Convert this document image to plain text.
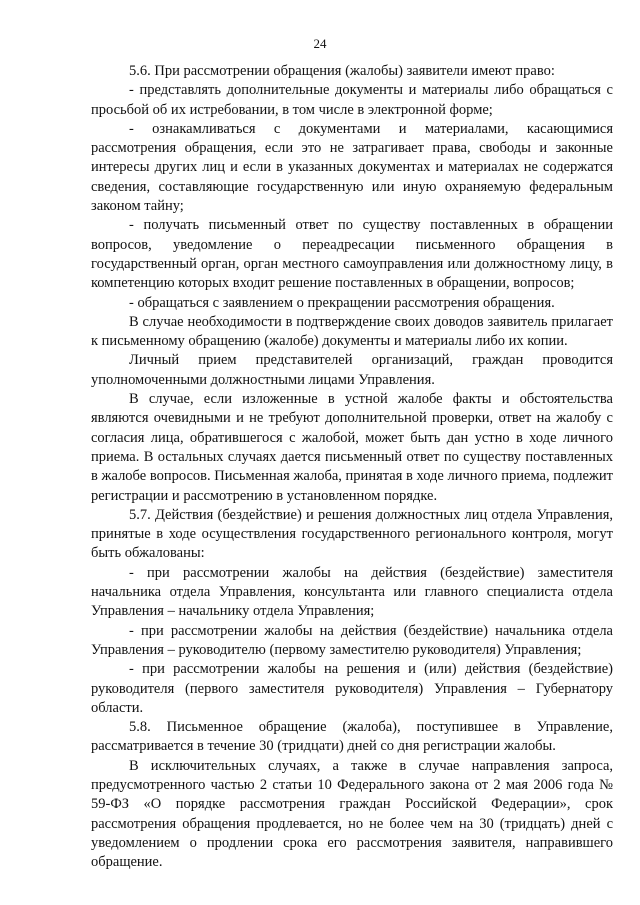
24

5.6. При рассмотрении обращения (жалобы) заявители имеют право:

- представлять дополнительные документы и материалы либо обращаться с просьбой об их истребовании, в том числе в электронной форме;

- ознакамливаться с документами и материалами, касающимися рассмотрения обращения, если это не затрагивает права, свободы и законные интересы других лиц и если в указанных документах и материалах не содержатся сведения, составляющие государственную или иную охраняемую федеральным законом тайну;

- получать письменный ответ по существу поставленных в обращении вопросов, уведомление о переадресации письменного обращения в государственный орган, орган местного самоуправления или должностному лицу, в компетенцию которых входит решение поставленных в обращении, вопросов;

- обращаться с заявлением о прекращении рассмотрения обращения.

В случае необходимости в подтверждение своих доводов заявитель прилагает к письменному обращению (жалобе) документы и материалы либо их копии.

Личный прием представителей организаций, граждан проводится уполномоченными должностными лицами Управления.

В случае, если изложенные в устной жалобе факты и обстоятельства являются очевидными и не требуют дополнительной проверки, ответ на жалобу с согласия лица, обратившегося с жалобой, может быть дан устно в ходе личного приема. В остальных случаях дается письменный ответ по существу поставленных в жалобе вопросов. Письменная жалоба, принятая в ходе личного приема, подлежит регистрации и рассмотрению в установленном порядке.

5.7. Действия (бездействие) и решения должностных лиц отдела Управления, принятые в ходе осуществления государственного регионального контроля, могут быть обжалованы:

- при рассмотрении жалобы на действия (бездействие) заместителя начальника отдела Управления, консультанта или главного специалиста отдела Управления – начальнику отдела Управления;

- при рассмотрении жалобы на действия (бездействие) начальника отдела Управления – руководителю (первому заместителю руководителя) Управления;

- при рассмотрении жалобы на решения и (или) действия (бездействие) руководителя (первого заместителя руководителя) Управления – Губернатору области.

5.8. Письменное обращение (жалоба), поступившее в Управление, рассматривается в течение 30 (тридцати) дней со дня регистрации жалобы.

В исключительных случаях, а также в случае направления запроса, предусмотренного частью 2 статьи 10 Федерального закона от 2 мая 2006 года № 59-ФЗ «О порядке рассмотрения граждан Российской Федерации», срок рассмотрения обращения продлевается, но не более чем на 30 (тридцать) дней с уведомлением о продлении срока его рассмотрения заявителя, направившего обращение.
